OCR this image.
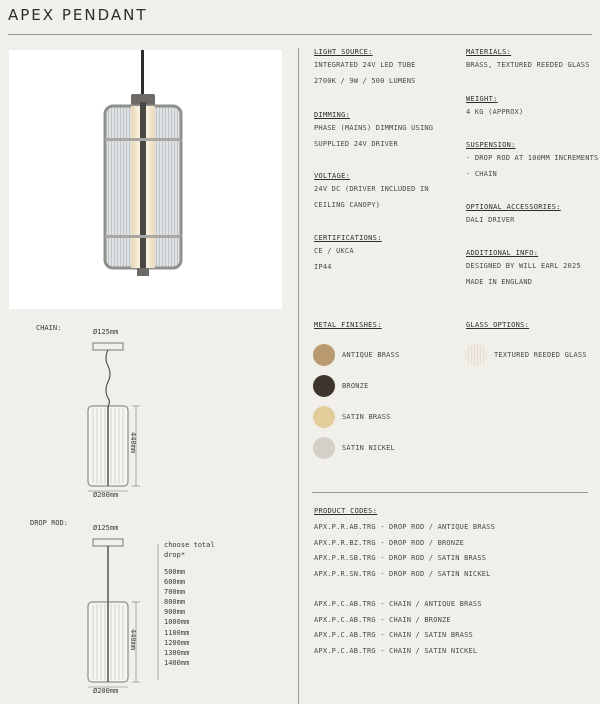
APEX PENDANT
CHAIN:	Ø125mm
Ø200mm
440mm
DROP ROD:
Ø125mm
Ø200mm
440mm
choose total
drop*
500mm
600mm
700mm
800mm
900mm
1000mm
1100mm
1200mm
1300mm
1400mm
LIGHT SOURCE:
INTEGRATED 24V LED TUBE
2700K / 9W / 500 LUMENS
DIMMING:
PHASE (MAINS) DIMMING USING
SUPPLIED 24V DRIVER
VOLTAGE:
24V DC (DRIVER INCLUDED IN
CEILING CANOPY)
CERTIFICATIONS:
CE / UKCA
IP44
MATERIALS:
BRASS, TEXTURED REEDED GLASS
WEIGHT:
4 KG (APPROX)
SUSPENSION:
- DROP ROD AT 100MM INCREMENTS
- CHAIN
OPTIONAL ACCESSORIES:
DALI DRIVER
ADDITIONAL INFO:
DESIGNED BY WILL EARL 2025
MADE IN ENGLAND
METAL FINISHES:
ANTIQUE BRASS
BRONZE
SATIN BRASS
SATIN NICKEL
GLASS OPTIONS:
TEXTURED REEDED GLASS
PRODUCT CODES:
APX.P.R.AB.TRG - DROP ROD / ANTIQUE BRASS
APX.P.R.BZ.TRG - DROP ROD / BRONZE
APX.P.R.SB.TRG - DROP ROD / SATIN BRASS
APX.P.R.SN.TRG - DROP ROD / SATIN NICKEL
APX.P.C.AB.TRG - CHAIN / ANTIQUE BRASS
APX.P.C.AB.TRG - CHAIN / BRONZE
APX.P.C.AB.TRG - CHAIN / SATIN BRASS
APX.P.C.AB.TRG - CHAIN / SATIN NICKEL
